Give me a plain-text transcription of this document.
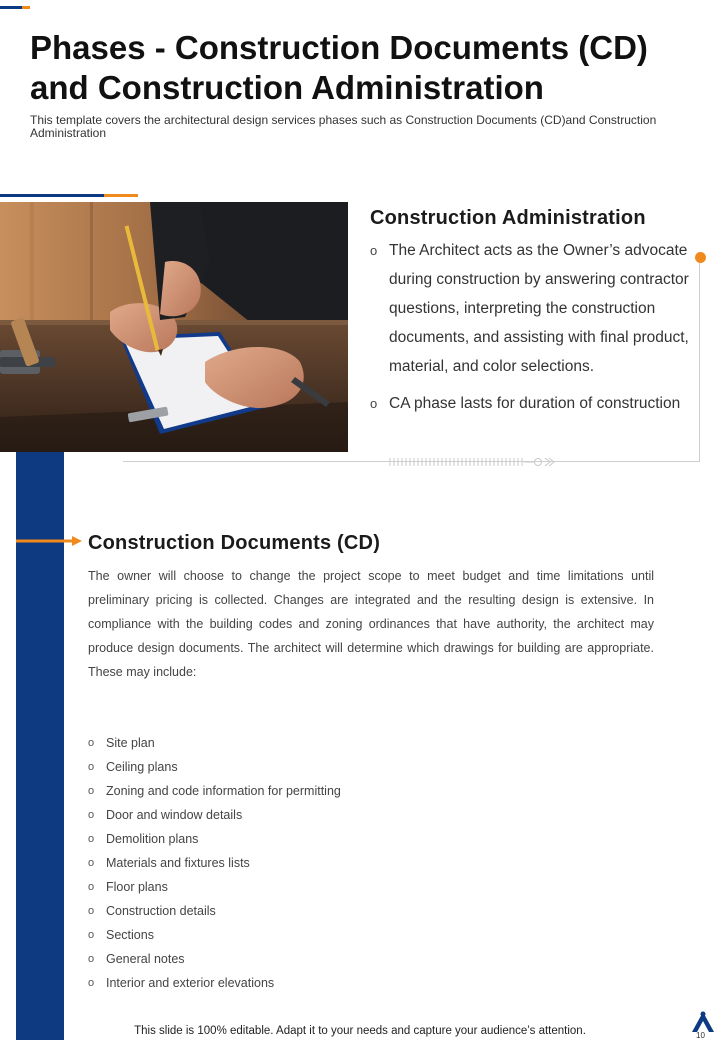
Phases - Construction Documents (CD) and Construction Administration

This template covers the architectural design services phases such as Construction Documents (CD)and Construction Administration

Construction Administration
o The Architect acts as the Owner’s advocate during construction by answering contractor questions, interpreting the construction documents, and assisting with final product, material, and color selections.
o CA phase lasts for duration of construction
Construction Documents (CD)

The owner will choose to change the project scope to meet budget and time limitations until preliminary pricing is collected. Changes are integrated and the resulting design is extensive. In compliance with the building codes and zoning ordinances that have authority, the architect may produce design documents. The architect will determine which drawings for building are appropriate. These may include:

o Site plan
o Ceiling plans
o Zoning and code information for permitting
o Door and window details
o Demolition plans
o Materials and fixtures lists
o Floor plans
o Construction details
o Sections
o General notes
o Interior and exterior elevations

This slide is 100% editable. Adapt it to your needs and capture your audience’s attention.	10
